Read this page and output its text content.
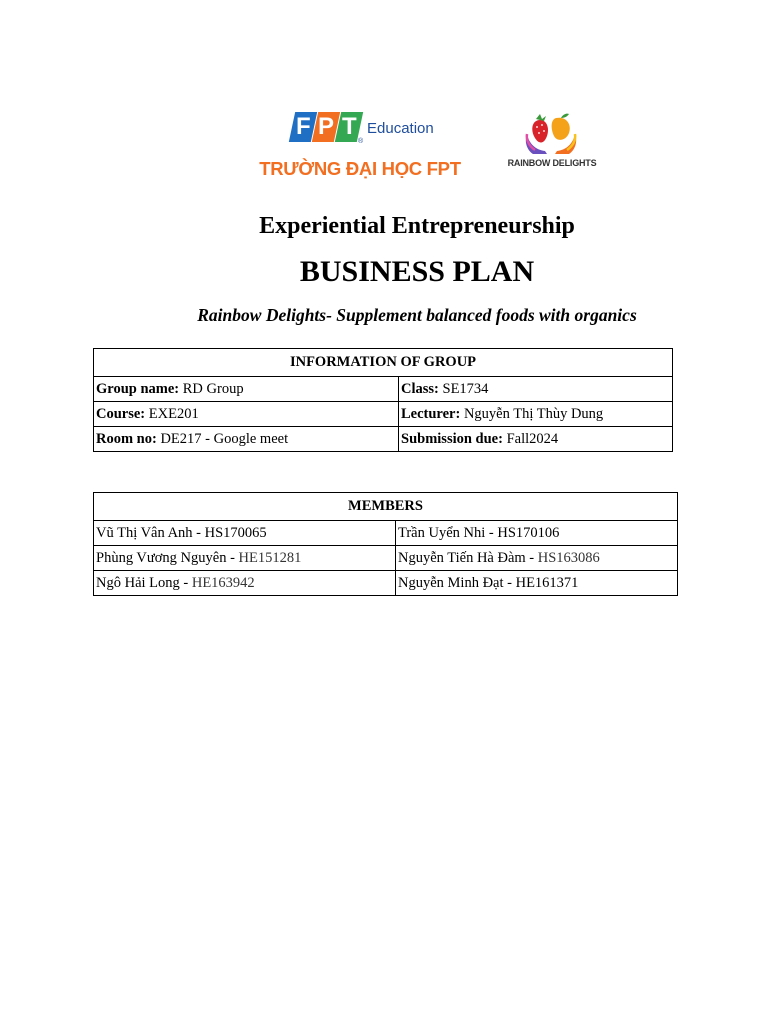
F P T
®
Education
TRƯỜNG ĐẠI HỌC FPT	RAINBOW DELIGHTS
Experiential Entrepreneurship
BUSINESS PLAN
Rainbow Delights- Supplement balanced foods with organics
INFORMATION OF GROUP	
Group name: RD Group	Class: SE1734
Course: EXE201	Lecturer: Nguyễn Thị Thùy Dung
Room no: DE217 - Google meet	Submission due: Fall2024
MEMBERS	
Vũ Thị Vân Anh - HS170065	Trần Uyển Nhi - HS170106
Phùng Vương Nguyên - HE151281	Nguyễn Tiến Hà Đàm - HS163086
Ngô Hải Long - HE163942	Nguyễn Minh Đạt - HE161371
